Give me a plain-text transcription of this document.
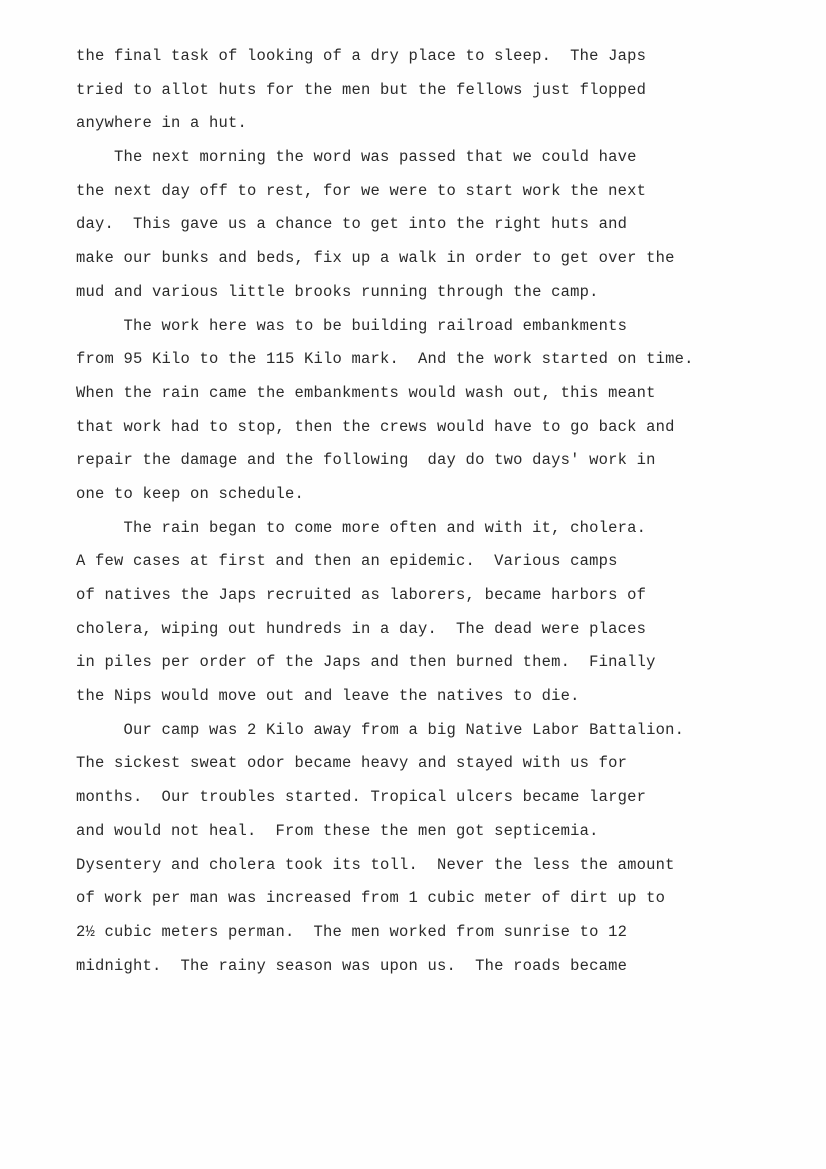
the final task of looking of a dry place to sleep.  The Japs
tried to allot huts for the men but the fellows just flopped
anywhere in a hut.
The next morning the word was passed that we could have
the next day off to rest, for we were to start work the next
day.  This gave us a chance to get into the right huts and
make our bunks and beds, fix up a walk in order to get over the
mud and various little brooks running through the camp.
The work here was to be building railroad embankments
from 95 Kilo to the 115 Kilo mark.  And the work started on time.
When the rain came the embankments would wash out, this meant
that work had to stop, then the crews would have to go back and
repair the damage and the following  day do two days' work in
one to keep on schedule.
The rain began to come more often and with it, cholera.
A few cases at first and then an epidemic.  Various camps
of natives the Japs recruited as laborers, became harbors of
cholera, wiping out hundreds in a day.  The dead were places
in piles per order of the Japs and then burned them.  Finally
the Nips would move out and leave the natives to die.
Our camp was 2 Kilo away from a big Native Labor Battalion.
The sickest sweat odor became heavy and stayed with us for
months.  Our troubles started. Tropical ulcers became larger
and would not heal.  From these the men got septicemia.
Dysentery and cholera took its toll.  Never the less the amount
of work per man was increased from 1 cubic meter of dirt up to
2½ cubic meters perman.  The men worked from sunrise to 12
midnight.  The rainy season was upon us.  The roads became
